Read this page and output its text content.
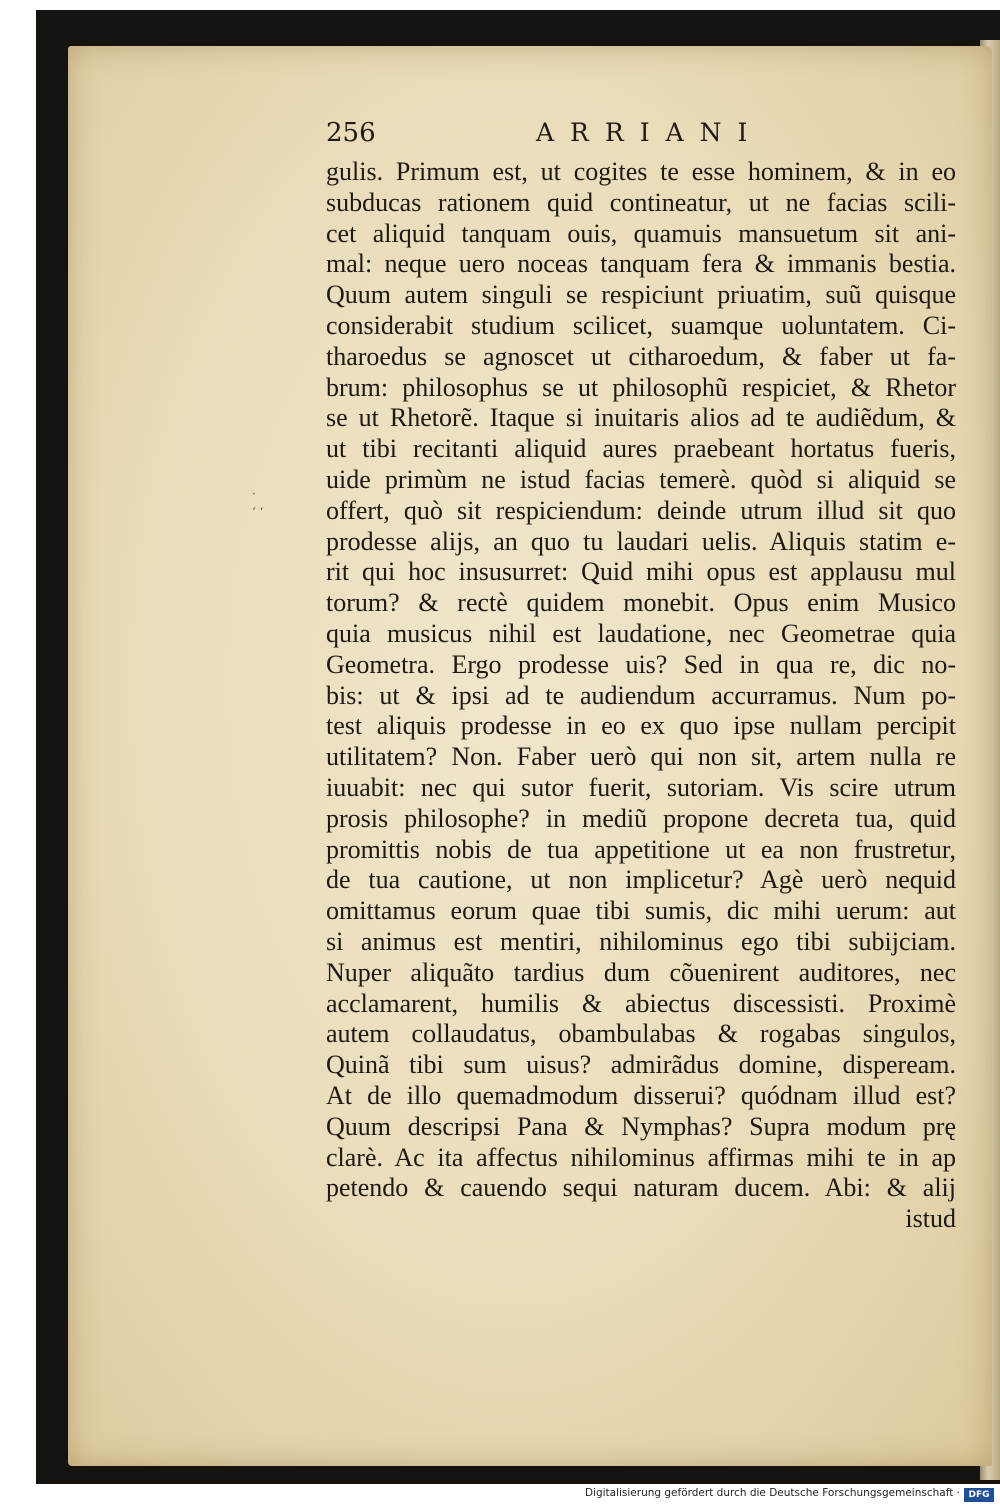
·
‘ ‘
256	ARRIANI
gulis. Primum est, ut cogites te esse hominem, & in eo
subducas rationem quid contineatur, ut ne facias scili-
cet aliquid tanquam ouis, quamuis mansuetum sit ani-
mal: neque uero noceas tanquam fera & immanis bestia.
Quum autem singuli se respiciunt priuatim, suũ quisque
considerabit studium scilicet, suamque uoluntatem. Ci-
tharoedus se agnoscet ut citharoedum, & faber ut fa-
brum: philosophus se ut philosophũ respiciet, & Rhetor
se ut Rhetorẽ. Itaque si inuitaris alios ad te audiẽdum, &
ut tibi recitanti aliquid aures praebeant hortatus fueris,
uide primùm ne istud facias temerè. quòd si aliquid se
offert, quò sit respiciendum: deinde utrum illud sit quo
prodesse alijs, an quo tu laudari uelis. Aliquis statim e-
rit qui hoc insusurret: Quid mihi opus est applausu mul
torum? & rectè quidem monebit. Opus enim Musico
quia musicus nihil est laudatione, nec Geometrae quia
Geometra. Ergo prodesse uis? Sed in qua re, dic no-
bis: ut & ipsi ad te audiendum accurramus. Num po-
test aliquis prodesse in eo ex quo ipse nullam percipit
utilitatem? Non. Faber uerò qui non sit, artem nulla re
iuuabit: nec qui sutor fuerit, sutoriam. Vis scire utrum
prosis philosophe? in mediũ propone decreta tua, quid
promittis nobis de tua appetitione ut ea non frustretur,
de tua cautione, ut non implicetur? Agè uerò nequid
omittamus eorum quae tibi sumis, dic mihi uerum: aut
si animus est mentiri, nihilominus ego tibi subijciam.
Nuper aliquãto tardius dum cõuenirent auditores, nec
acclamarent, humilis & abiectus discessisti. Proximè
autem collaudatus, obambulabas & rogabas singulos,
Quinã tibi sum uisus? admirãdus domine, dispeream.
At de illo quemadmodum disserui? quódnam illud est?
Quum descripsi Pana & Nymphas? Supra modum prę
clarè. Ac ita affectus nihilominus affirmas mihi te in ap
petendo & cauendo sequi naturam ducem. Abi: & alij
istud
Digitalisierung gefördert durch die Deutsche Forschungsgemeinschaft · DFG
